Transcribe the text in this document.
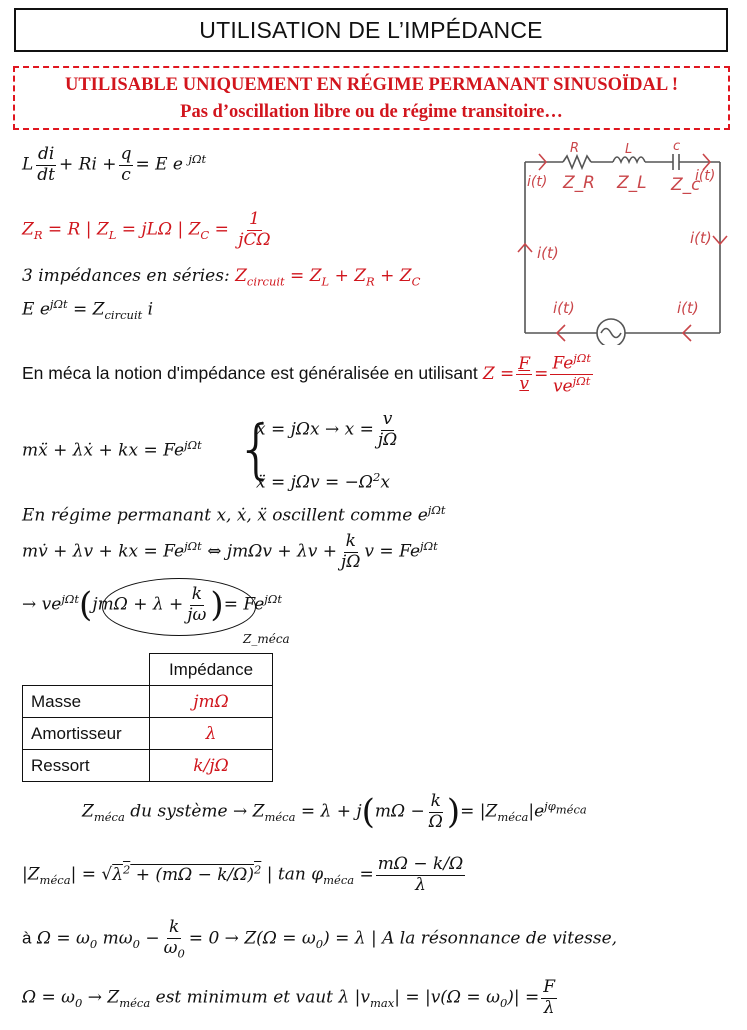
UTILISATION DE L’IMPÉDANCE
UTILISABLE UNIQUEMENT EN RÉGIME PERMANANT SINUSOÏDAL !
Pas d’oscillation libre ou de régime transitoire…
L $\frac{di}{dt} + Ri + \frac{q}{c} = E$ e $^{j\Omega t}$
$Z_R = R$ | $Z_L = jL\Omega$ | $Z_C = \frac{1}{\text{jCΩ}}$
3 impédances en séries: $Z_{circuit} = Z_L + Z_R + Z_C$
E $e^{j\Omega t} = Z_{circuit}$ i
R	L	c
i(t)	i(t)
Z_R Z_L Z_c
i(t)
i(t)
i(t)	i(t)
En méca la notion d'impédance est généralisée en utilisant $Z = \frac{F}{v} = \frac{Fe^{j\Omega t}}{ve^{j\Omega t}}$
mẍ + λẋ + kx = $Fe^{j\Omega t}$ {
ẋ = $j\Omega x \to x = \frac{v}{j\Omega}$
ẍ = $j\Omega v = -\Omega^2x$
En régime permanant x, ẋ, ẍ oscillent comme $e^{j\Omega t}$
mv̇ + λv + kx = $Fe^{j\Omega t}$ ⇔ $jm\Omega v + \lambda v + \frac{k}{j\Omega}$ $v = Fe^{j\Omega t}$
→ $ve^{j\Omega t}(jm\Omega + \lambda + \frac{k}{j\omega}$ )= $Fe^{j\Omega t}$
Z_méca
	Impédance
Masse	jmΩ
Amortisseur	λ
Ressort	k/jΩ
$Z_{méca}$ du système → $Z_{méca} = \lambda + j(m\Omega - \frac{k}{\Omega}$ )= $|Z_{méca}|e^{j\varphi_{méca}}$
$|Z_{méca}| = √\lambda^2 + (m\Omega - k/\Omega)^2$ | $\tan \varphi_{méca} = \frac{m\Omega - k/\Omega}{\lambda}$
à $\Omega = \omega_0$ $m\omega_0 - \frac{k}{\omega_0} = 0 \to Z(\Omega = \omega_0) = \lambda$ | A la résonnance de vitesse,
$\Omega = \omega_0 \to Z_{méca}$ est minimum et vaut λ $|v_{max}| = |v(\Omega = \omega_0)| = \frac{F}{\lambda}$
